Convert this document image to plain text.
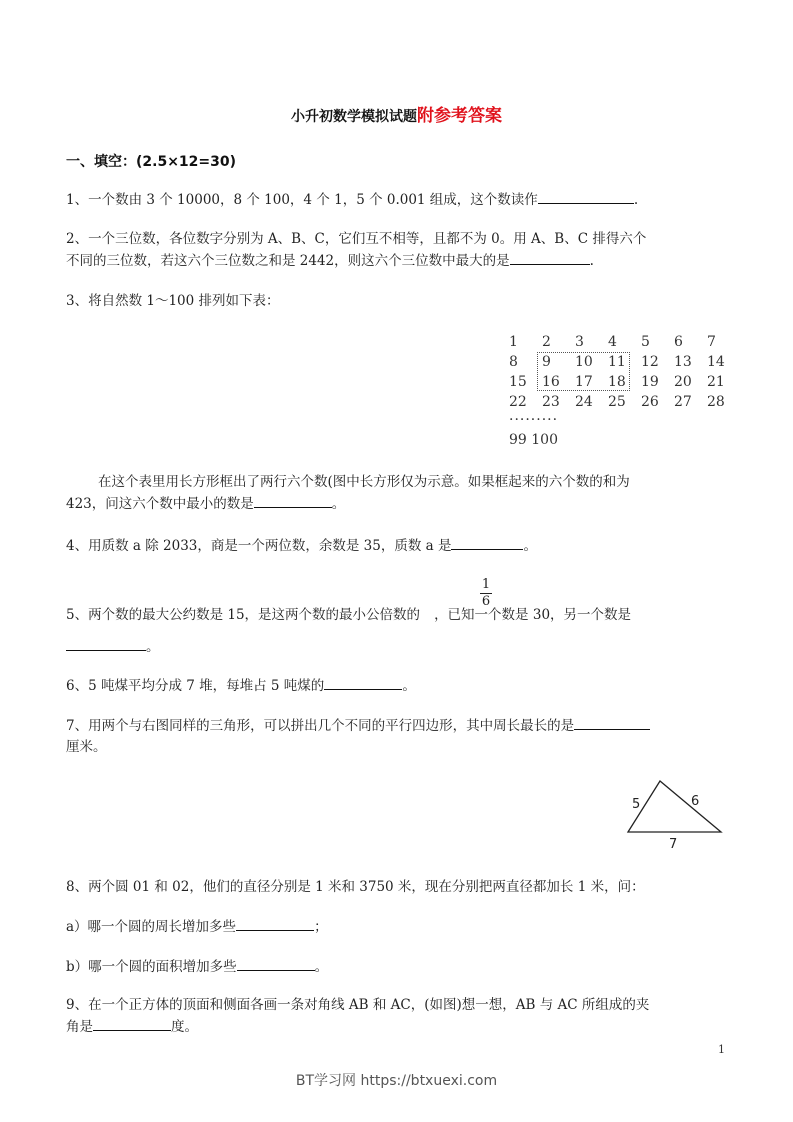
小升初数学模拟试题附参考答案
一、填空：(2.5×12=30)
1、一个数由 3 个 10000，8 个 100，4 个 1，5 个 0.001 组成，这个数读作	.
2、一个三位数，各位数字分别为 A、B、C，它们互不相等，且都不为 0。用 A、B、C 排得六个
不同的三位数，若这六个三位数之和是 2442，则这六个三位数中最大的是	.
3、将自然数 1～100 排列如下表：
1 2 3 4 5 6 7
8 9 10 11 12 13 14
15 16 17 18 19 20 21
22 23 24 25 26 27 28
·········
99 100
在这个表里用长方形框出了两行六个数(图中长方形仅为示意。如果框起来的六个数的和为
423，问这六个数中最小的数是	。
4、用质数 a 除 2033，商是一个两位数，余数是 35，质数 a 是	。
5、两个数的最大公约数是 15，是这两个数的最小公倍数的 ，已知一个数是 30，另一个数是
1
6
。
6、5 吨煤平均分成 7 堆，每堆占 5 吨煤的	。
7、用两个与右图同样的三角形，可以拼出几个不同的平行四边形，其中周长最长的是
厘米。
5	6
7
8、两个圆 01 和 02，他们的直径分别是 1 米和 3750 米，现在分别把两直径都加长 1 米，问：
a）哪一个圆的周长增加多些	；
b）哪一个圆的面积增加多些	。
9、在一个正方体的顶面和侧面各画一条对角线 AB 和 AC，(如图)想一想，AB 与 AC 所组成的夹
角是	度。
1
BT学习网 https://btxuexi.com
